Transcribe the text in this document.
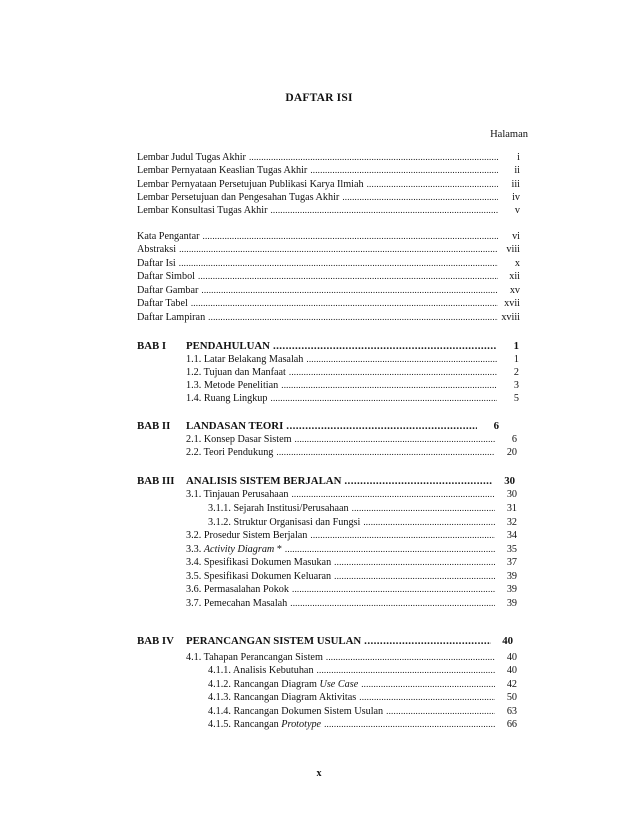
DAFTAR ISI
Halaman
Lembar Judul Tugas Akhir .....	i
Lembar Pernyataan Keaslian Tugas Akhir .....	ii
Lembar Pernyataan Persetujuan Publikasi Karya Ilmiah .....	iii
Lembar Persetujuan dan Pengesahan Tugas Akhir .....	iv
Lembar Konsultasi Tugas Akhir .....	v
Kata Pengantar .....	vi
Abstraksi .....	viii
Daftar Isi .....	x
Daftar Simbol .....	xii
Daftar Gambar .....	xv
Daftar Tabel .....	xvii
Daftar Lampiran .....	xviii
BAB I PENDAHULUAN .....	1
1.1. Latar Belakang Masalah .....	1
1.2. Tujuan dan Manfaat .....	2
1.3. Metode Penelitian .....	3
1.4. Ruang Lingkup .....	5
BAB II LANDASAN TEORI .....	6
2.1. Konsep Dasar Sistem .....	6
2.2. Teori Pendukung .....	20
BAB III ANALISIS SISTEM BERJALAN .....	30
3.1. Tinjauan Perusahaan .....	30
3.1.1. Sejarah Institusi/Perusahaan .....	31
3.1.2. Struktur Organisasi dan Fungsi .....	32
3.2. Prosedur Sistem Berjalan .....	34
3.3. Activity Diagram * .....	35
3.4. Spesifikasi Dokumen Masukan .....	37
3.5. Spesifikasi Dokumen Keluaran .....	39
3.6. Permasalahan Pokok .....	39
3.7. Pemecahan Masalah .....	39
BAB IV PERANCANGAN SISTEM USULAN .....	40
4.1. Tahapan Perancangan Sistem .....	40
4.1.1. Analisis Kebutuhan .....	40
4.1.2. Rancangan Diagram Use Case .....	42
4.1.3. Rancangan Diagram Aktivitas .....	50
4.1.4. Rancangan Dokumen Sistem Usulan .....	63
4.1.5. Rancangan Prototype .....	66
x
